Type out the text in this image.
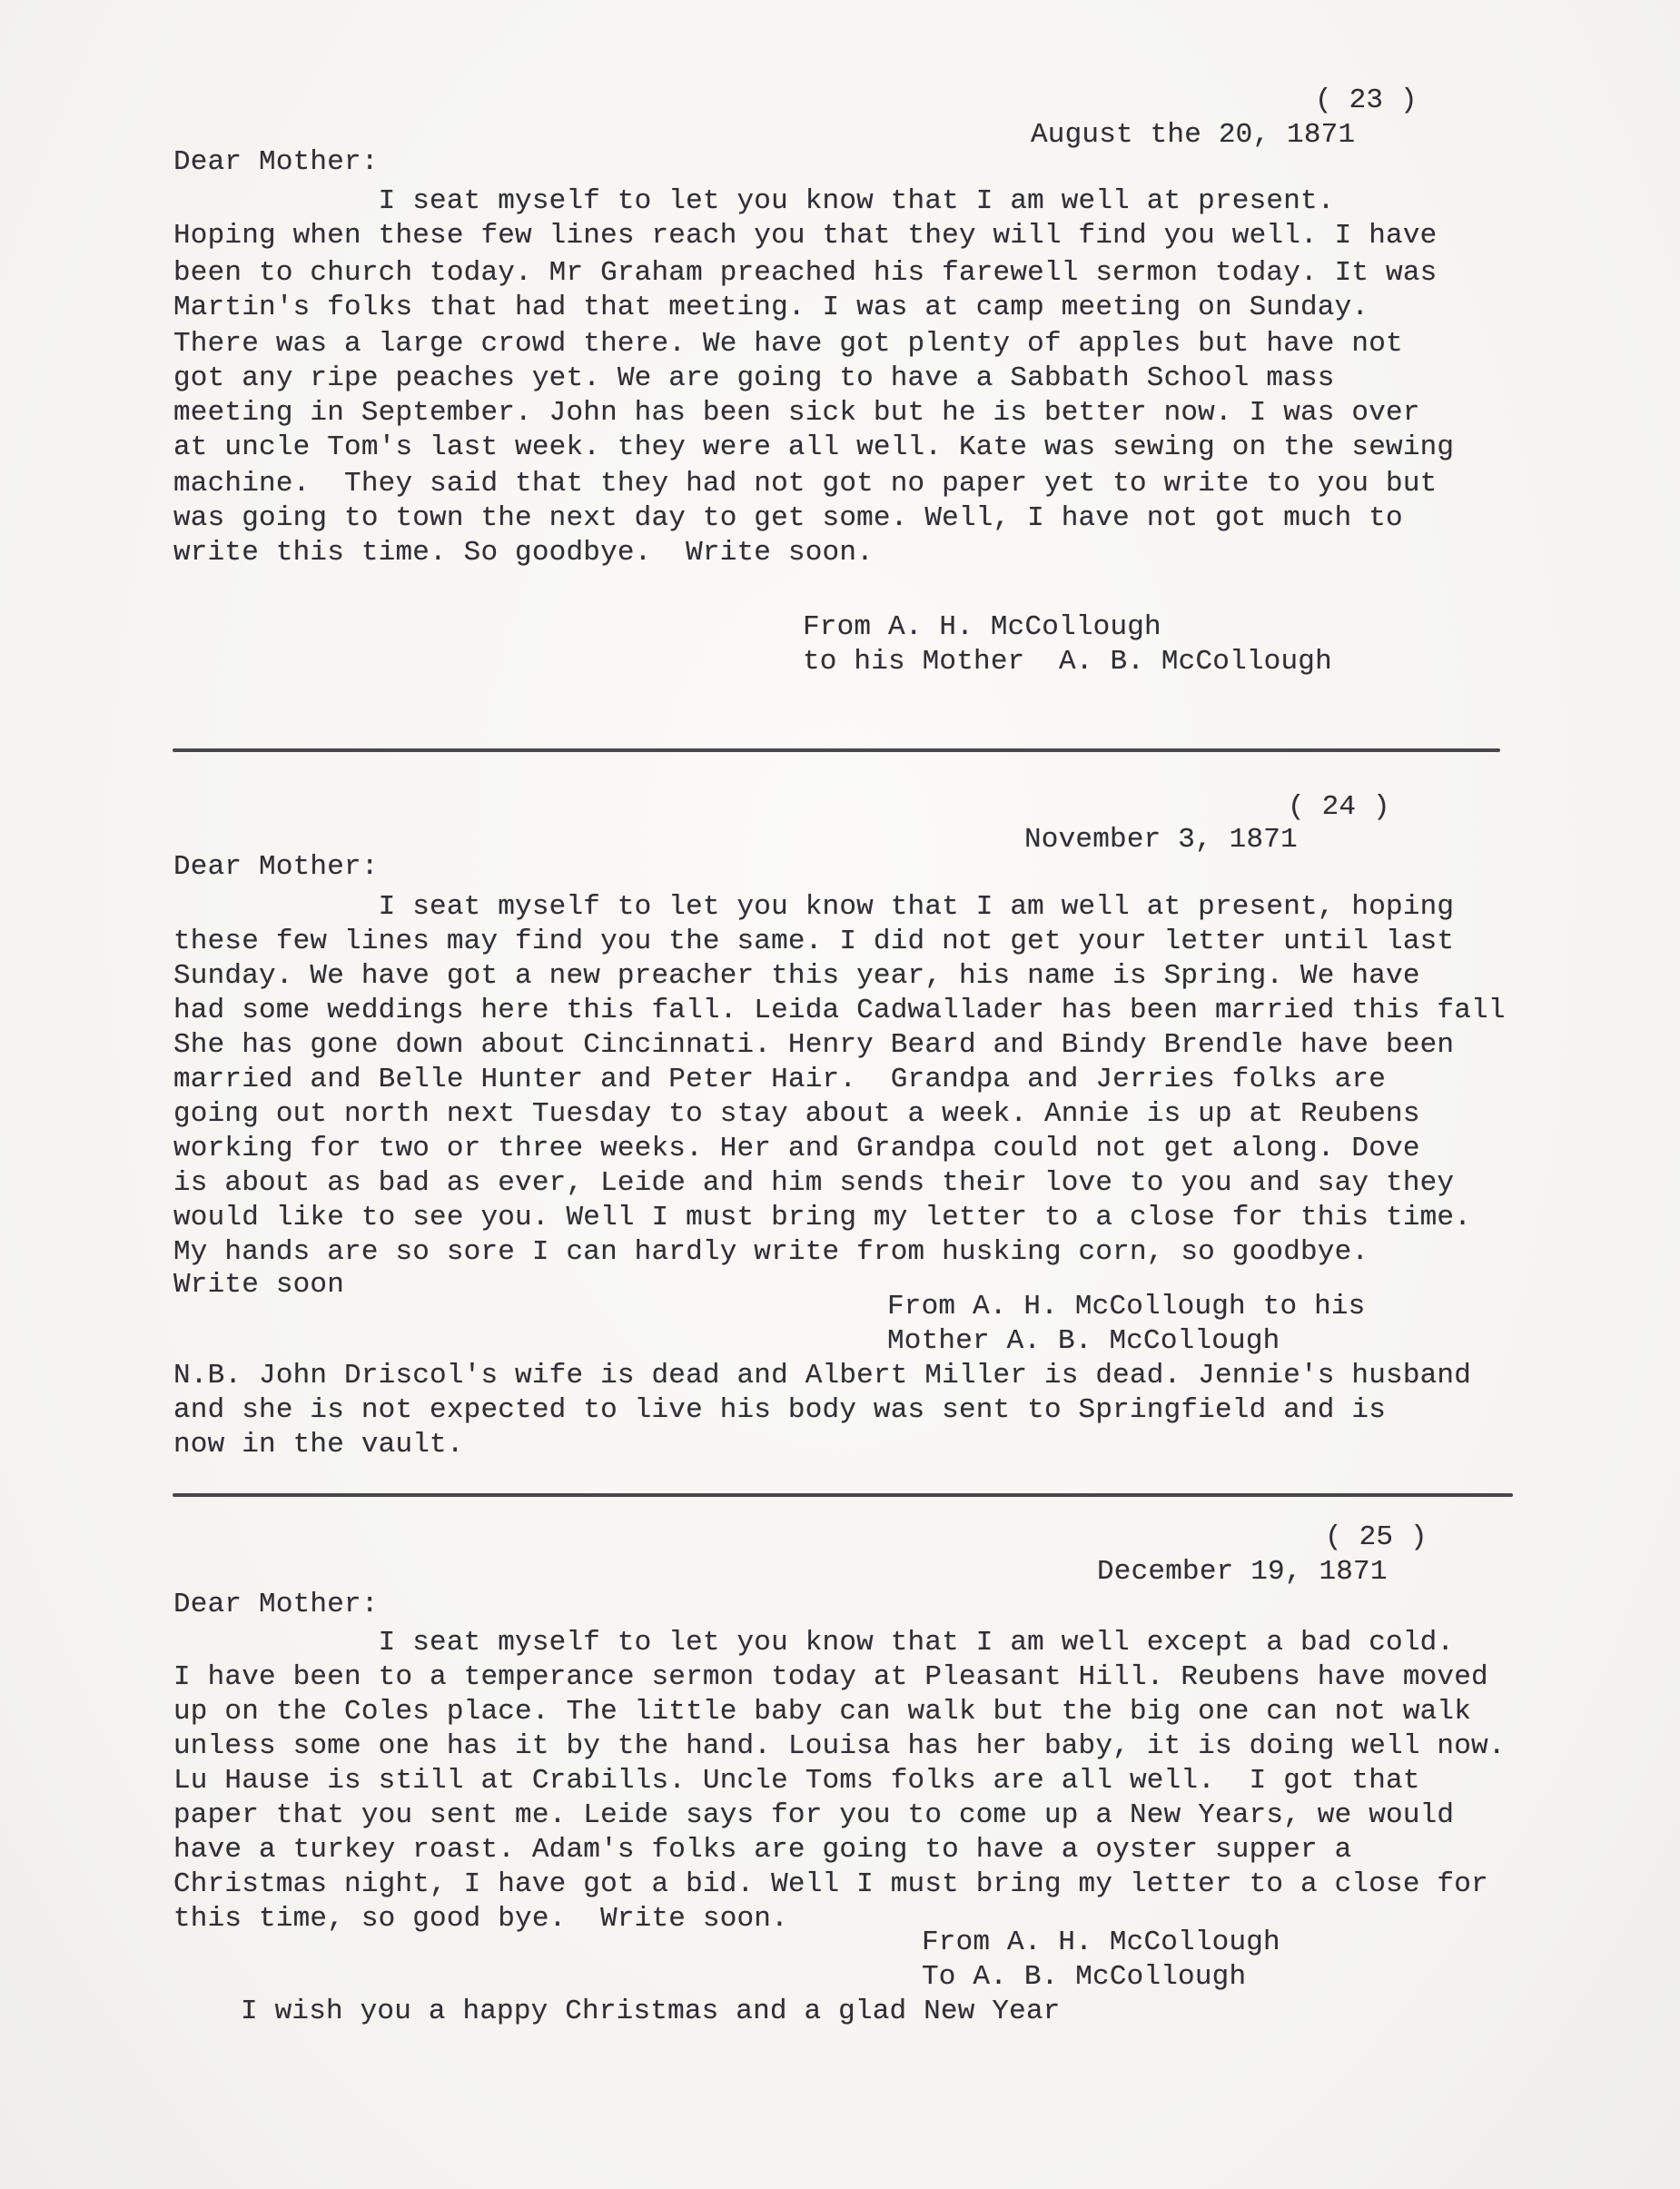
( 23 )
August the 20, 1871
Dear Mother:
I seat myself to let you know that I am well at present.
Hoping when these few lines reach you that they will find you well. I have
been to church today. Mr Graham preached his farewell sermon today. It was
Martin's folks that had that meeting. I was at camp meeting on Sunday.
There was a large crowd there. We have got plenty of apples but have not
got any ripe peaches yet. We are going to have a Sabbath School mass
meeting in September. John has been sick but he is better now. I was over
at uncle Tom's last week. they were all well. Kate was sewing on the sewing
machine.  They said that they had not got no paper yet to write to you but
was going to town the next day to get some. Well, I have not got much to
write this time. So goodbye.  Write soon.
From A. H. McCollough
to his Mother  A. B. McCollough
( 24 )
November 3, 1871
Dear Mother:
I seat myself to let you know that I am well at present, hoping
these few lines may find you the same. I did not get your letter until last
Sunday. We have got a new preacher this year, his name is Spring. We have
had some weddings here this fall. Leida Cadwallader has been married this fall
She has gone down about Cincinnati. Henry Beard and Bindy Brendle have been
married and Belle Hunter and Peter Hair.  Grandpa and Jerries folks are
going out north next Tuesday to stay about a week. Annie is up at Reubens
working for two or three weeks. Her and Grandpa could not get along. Dove
is about as bad as ever, Leide and him sends their love to you and say they
would like to see you. Well I must bring my letter to a close for this time.
My hands are so sore I can hardly write from husking corn, so goodbye.
Write soon
From A. H. McCollough to his
Mother A. B. McCollough
N.B. John Driscol's wife is dead and Albert Miller is dead. Jennie's husband
and she is not expected to live his body was sent to Springfield and is
now in the vault.
( 25 )
December 19, 1871
Dear Mother:
I seat myself to let you know that I am well except a bad cold.
I have been to a temperance sermon today at Pleasant Hill. Reubens have moved
up on the Coles place. The little baby can walk but the big one can not walk
unless some one has it by the hand. Louisa has her baby, it is doing well now.
Lu Hause is still at Crabills. Uncle Toms folks are all well.  I got that
paper that you sent me. Leide says for you to come up a New Years, we would
have a turkey roast. Adam's folks are going to have a oyster supper a
Christmas night, I have got a bid. Well I must bring my letter to a close for
this time, so good bye.  Write soon.
From A. H. McCollough
To A. B. McCollough
I wish you a happy Christmas and a glad New Year
